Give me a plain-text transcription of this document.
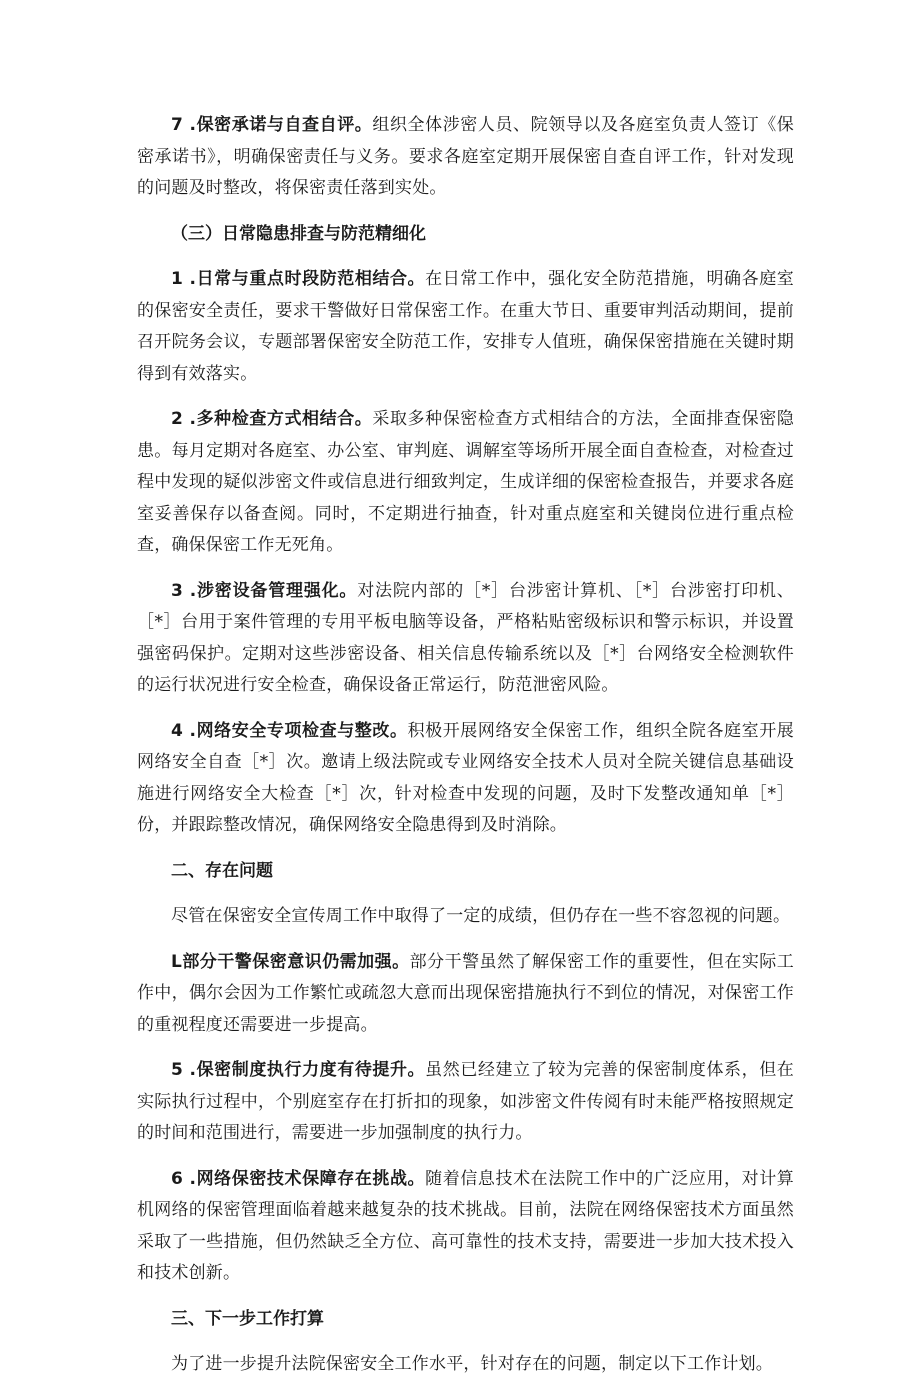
7 .保密承诺与自查自评。组织全体涉密人员、院领导以及各庭室负责人签订《保密承诺书》，明确保密责任与义务。要求各庭室定期开展保密自查自评工作，针对发现的问题及时整改，将保密责任落到实处。

（三）日常隐患排查与防范精细化

1 .日常与重点时段防范相结合。在日常工作中，强化安全防范措施，明确各庭室的保密安全责任，要求干警做好日常保密工作。在重大节日、重要审判活动期间，提前召开院务会议，专题部署保密安全防范工作，安排专人值班，确保保密措施在关键时期得到有效落实。

2 .多种检查方式相结合。采取多种保密检查方式相结合的方法，全面排查保密隐患。每月定期对各庭室、办公室、审判庭、调解室等场所开展全面自查检查，对检查过程中发现的疑似涉密文件或信息进行细致判定，生成详细的保密检查报告，并要求各庭室妥善保存以备查阅。同时，不定期进行抽查，针对重点庭室和关键岗位进行重点检查，确保保密工作无死角。

3 .涉密设备管理强化。对法院内部的［*］台涉密计算机、［*］台涉密打印机、［*］台用于案件管理的专用平板电脑等设备，严格粘贴密级标识和警示标识，并设置强密码保护。定期对这些涉密设备、相关信息传输系统以及［*］台网络安全检测软件的运行状况进行安全检查，确保设备正常运行，防范泄密风险。

4 .网络安全专项检查与整改。积极开展网络安全保密工作，组织全院各庭室开展网络安全自查［*］次。邀请上级法院或专业网络安全技术人员对全院关键信息基础设施进行网络安全大检查［*］次，针对检查中发现的问题，及时下发整改通知单［*］份，并跟踪整改情况，确保网络安全隐患得到及时消除。

二、存在问题

尽管在保密安全宣传周工作中取得了一定的成绩，但仍存在一些不容忽视的问题。

L部分干警保密意识仍需加强。部分干警虽然了解保密工作的重要性，但在实际工作中，偶尔会因为工作繁忙或疏忽大意而出现保密措施执行不到位的情况，对保密工作的重视程度还需要进一步提高。

5 .保密制度执行力度有待提升。虽然已经建立了较为完善的保密制度体系，但在实际执行过程中，个别庭室存在打折扣的现象，如涉密文件传阅有时未能严格按照规定的时间和范围进行，需要进一步加强制度的执行力。

6 .网络保密技术保障存在挑战。随着信息技术在法院工作中的广泛应用，对计算机网络的保密管理面临着越来越复杂的技术挑战。目前，法院在网络保密技术方面虽然采取了一些措施，但仍然缺乏全方位、高可靠性的技术支持，需要进一步加大技术投入和技术创新。

三、下一步工作打算

为了进一步提升法院保密安全工作水平，针对存在的问题，制定以下工作计划。
